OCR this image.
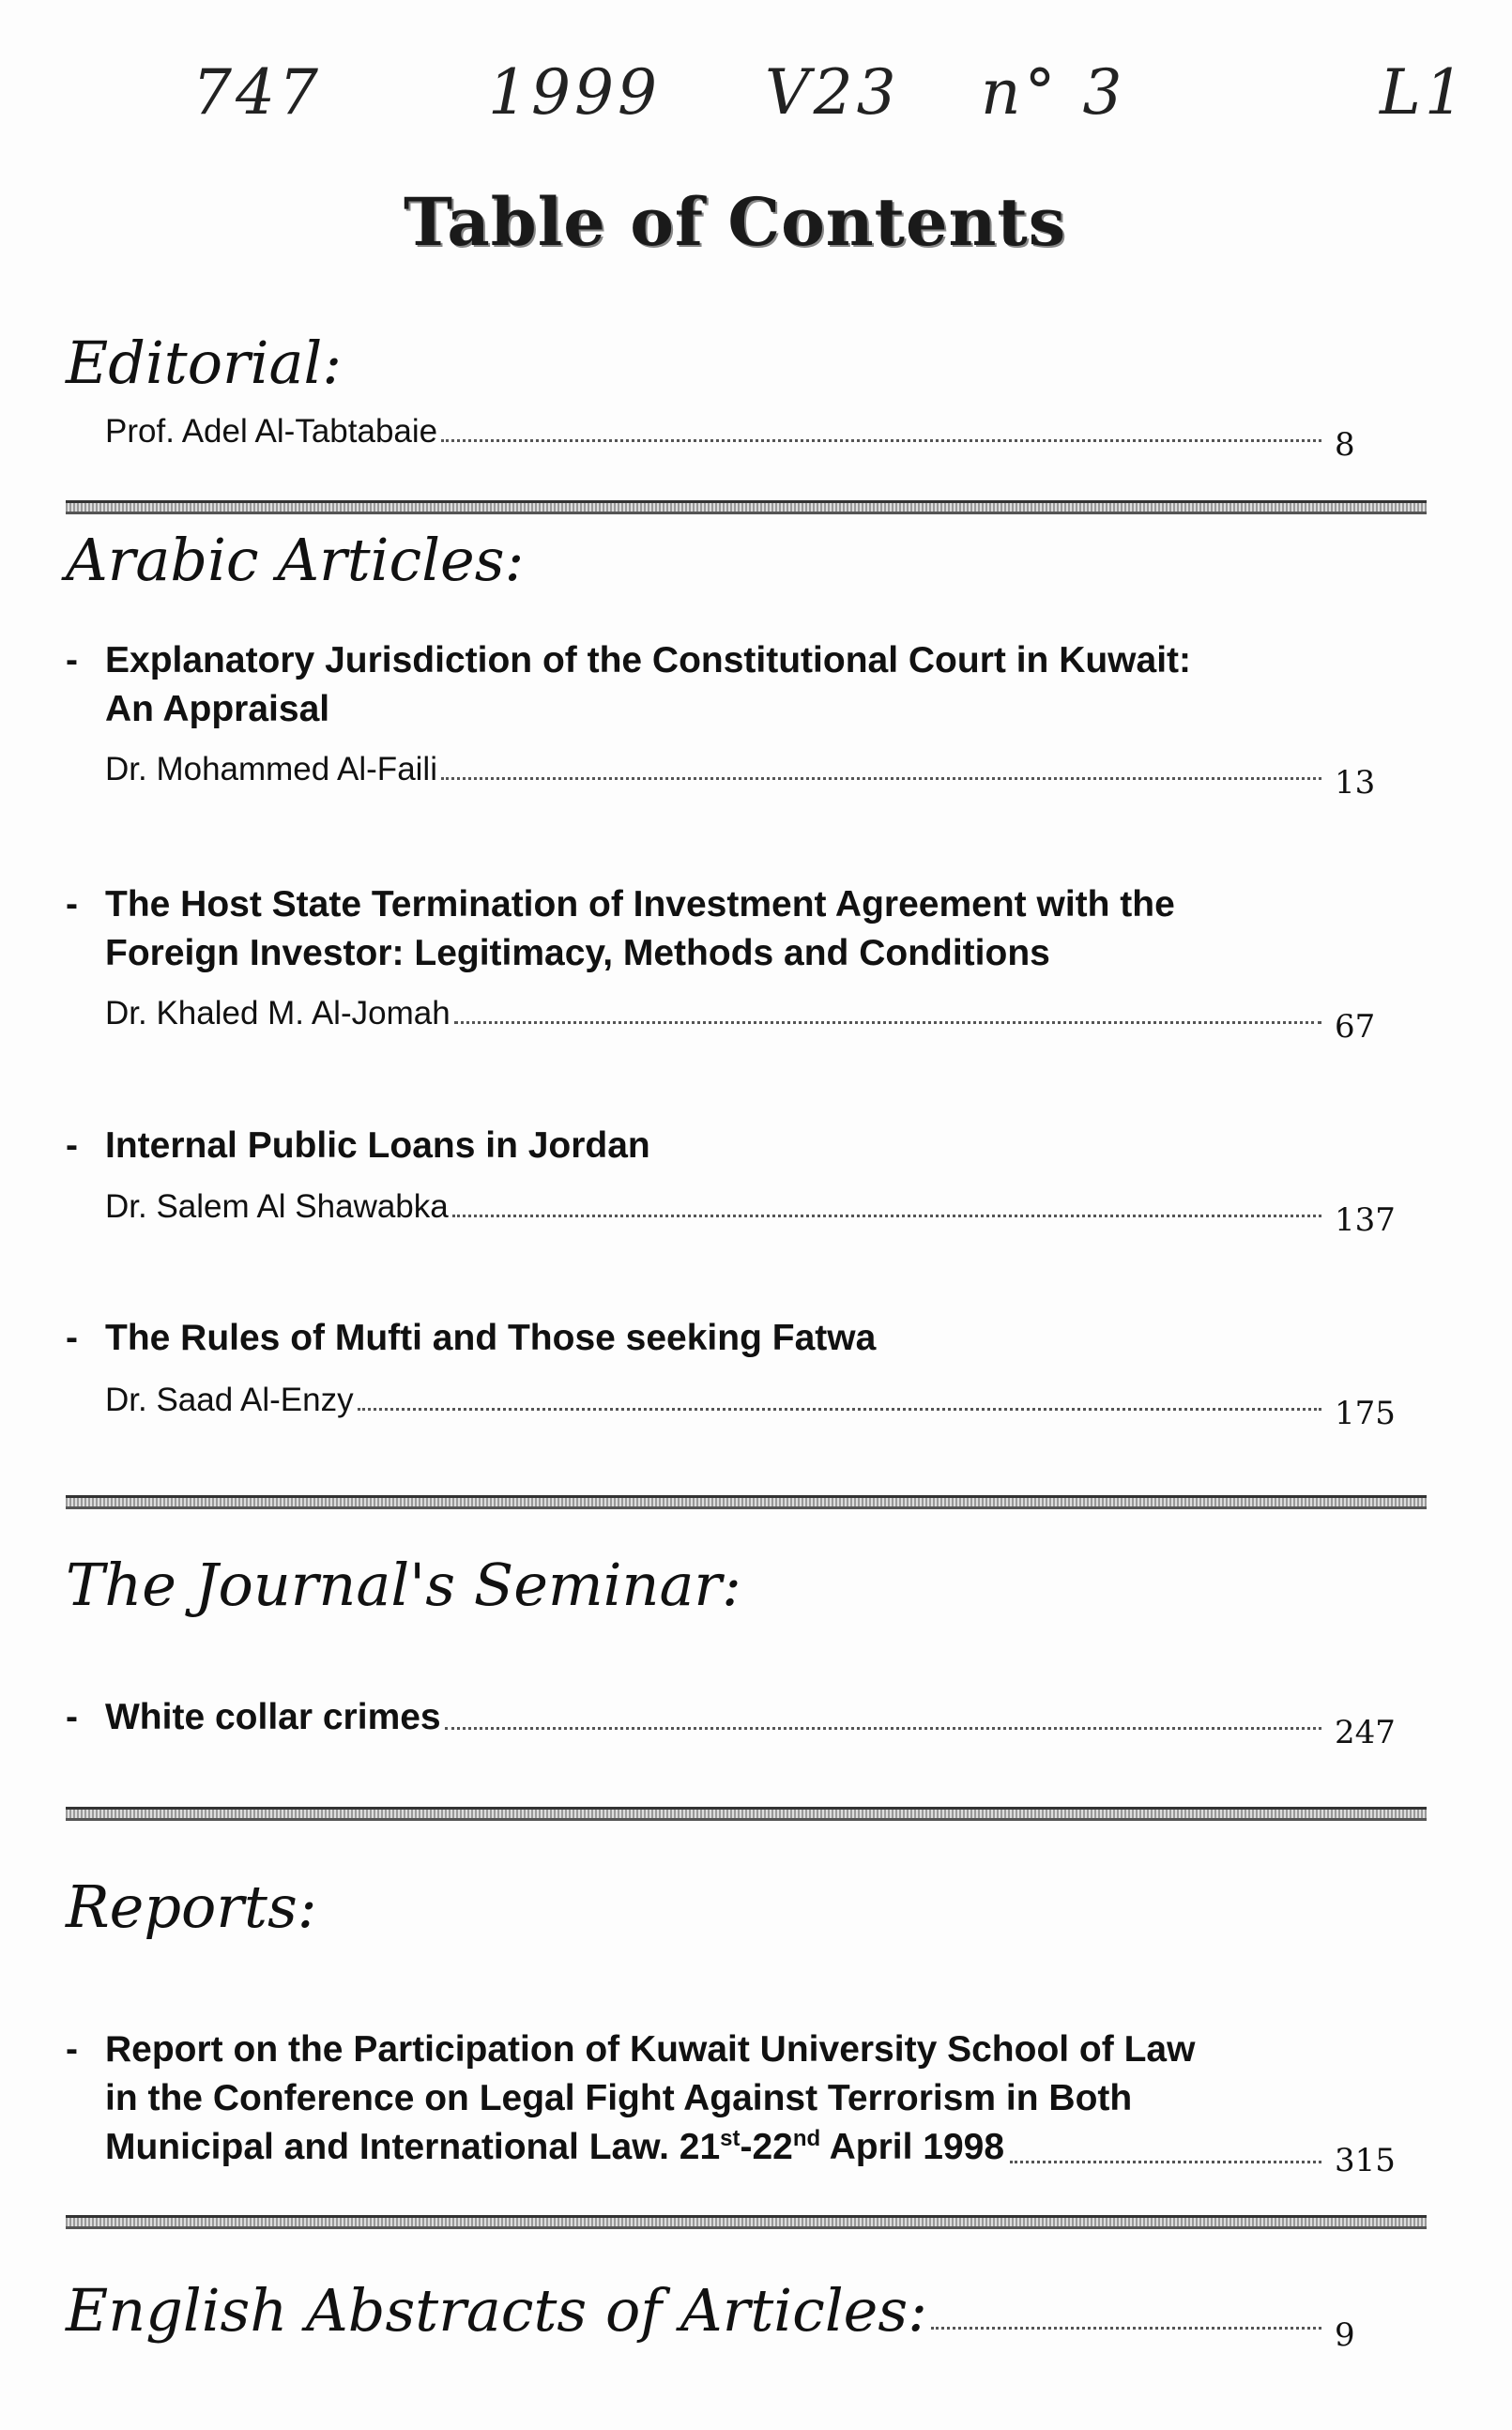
747	1999 V23 n° 3	L1
Table of Contents
Editorial:
Prof. Adel Al-Tabtabaie	8
Arabic Articles:
- Explanatory Jurisdiction of the Constitutional Court in Kuwait:
An Appraisal
Dr. Mohammed Al-Faili	13
- The Host State Termination of Investment Agreement with the
Foreign Investor: Legitimacy, Methods and Conditions
Dr. Khaled M. Al-Jomah	67
- Internal Public Loans in Jordan
Dr. Salem Al Shawabka	137
- The Rules of Mufti and Those seeking Fatwa
Dr. Saad Al-Enzy	175
The Journal's Seminar:
- White collar crimes	247
Reports:
- Report on the Participation of Kuwait University School of Law
in the Conference on Legal Fight Against Terrorism in Both
Municipal and International Law. 21st-22nd April 1998	315
English Abstracts of Articles:	9
